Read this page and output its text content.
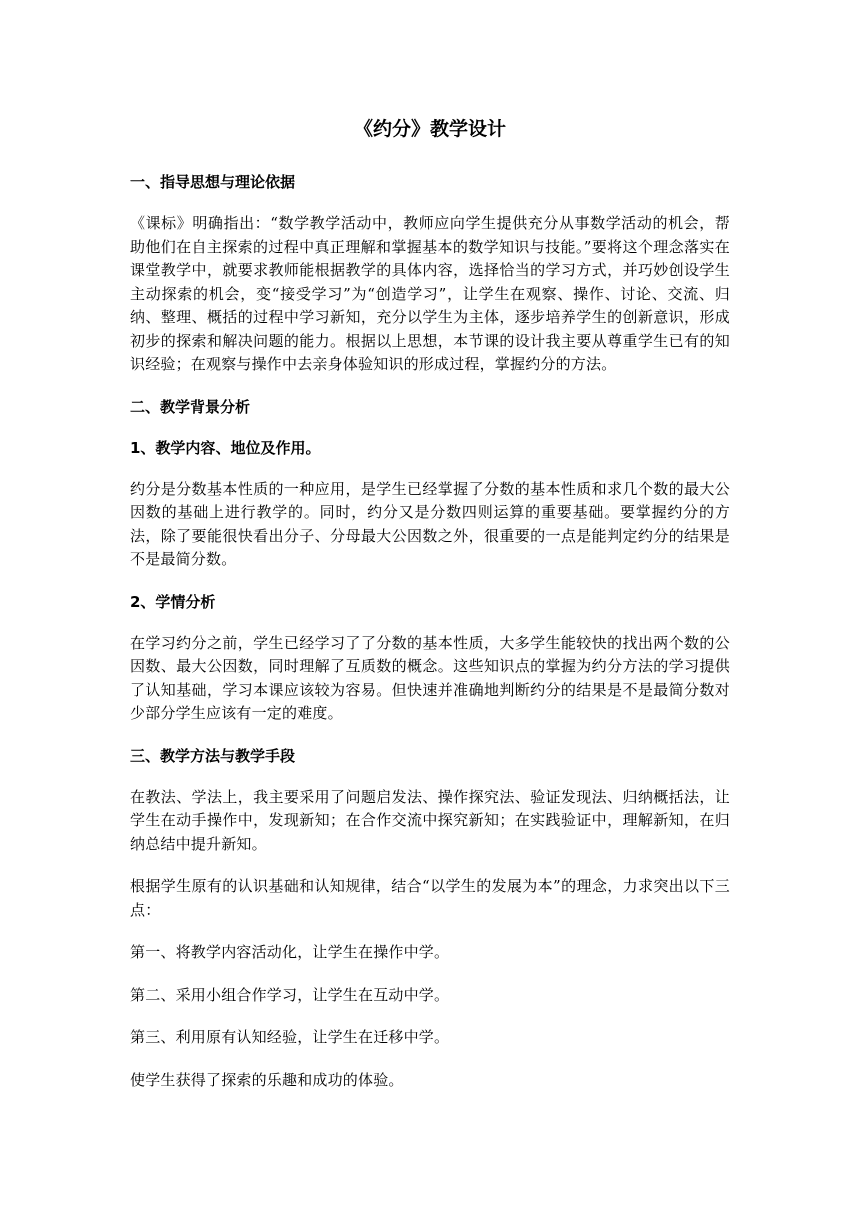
《约分》教学设计
一、指导思想与理论依据
《课标》明确指出：“数学教学活动中，教师应向学生提供充分从事数学活动的机会，帮助他们在自主探索的过程中真正理解和掌握基本的数学知识与技能。”要将这个理念落实在课堂教学中，就要求教师能根据教学的具体内容，选择恰当的学习方式，并巧妙创设学生主动探索的机会，变“接受学习”为“创造学习”，让学生在观察、操作、讨论、交流、归纳、整理、概括的过程中学习新知，充分以学生为主体，逐步培养学生的创新意识，形成初步的探索和解决问题的能力。根据以上思想，本节课的设计我主要从尊重学生已有的知识经验；在观察与操作中去亲身体验知识的形成过程，掌握约分的方法。
二、教学背景分析
1、教学内容、地位及作用。
约分是分数基本性质的一种应用，是学生已经掌握了分数的基本性质和求几个数的最大公因数的基础上进行教学的。同时，约分又是分数四则运算的重要基础。要掌握约分的方法，除了要能很快看出分子、分母最大公因数之外，很重要的一点是能判定约分的结果是不是最简分数。
2、学情分析
在学习约分之前，学生已经学习了了分数的基本性质，大多学生能较快的找出两个数的公因数、最大公因数，同时理解了互质数的概念。这些知识点的掌握为约分方法的学习提供了认知基础，学习本课应该较为容易。但快速并准确地判断约分的结果是不是最简分数对少部分学生应该有一定的难度。
三、教学方法与教学手段
在教法、学法上，我主要采用了问题启发法、操作探究法、验证发现法、归纳概括法，让学生在动手操作中，发现新知；在合作交流中探究新知；在实践验证中，理解新知，在归纳总结中提升新知。
根据学生原有的认识基础和认知规律，结合“以学生的发展为本”的理念，力求突出以下三点：
第一、将教学内容活动化，让学生在操作中学。
第二、采用小组合作学习，让学生在互动中学。
第三、利用原有认知经验，让学生在迁移中学。
使学生获得了探索的乐趣和成功的体验。
